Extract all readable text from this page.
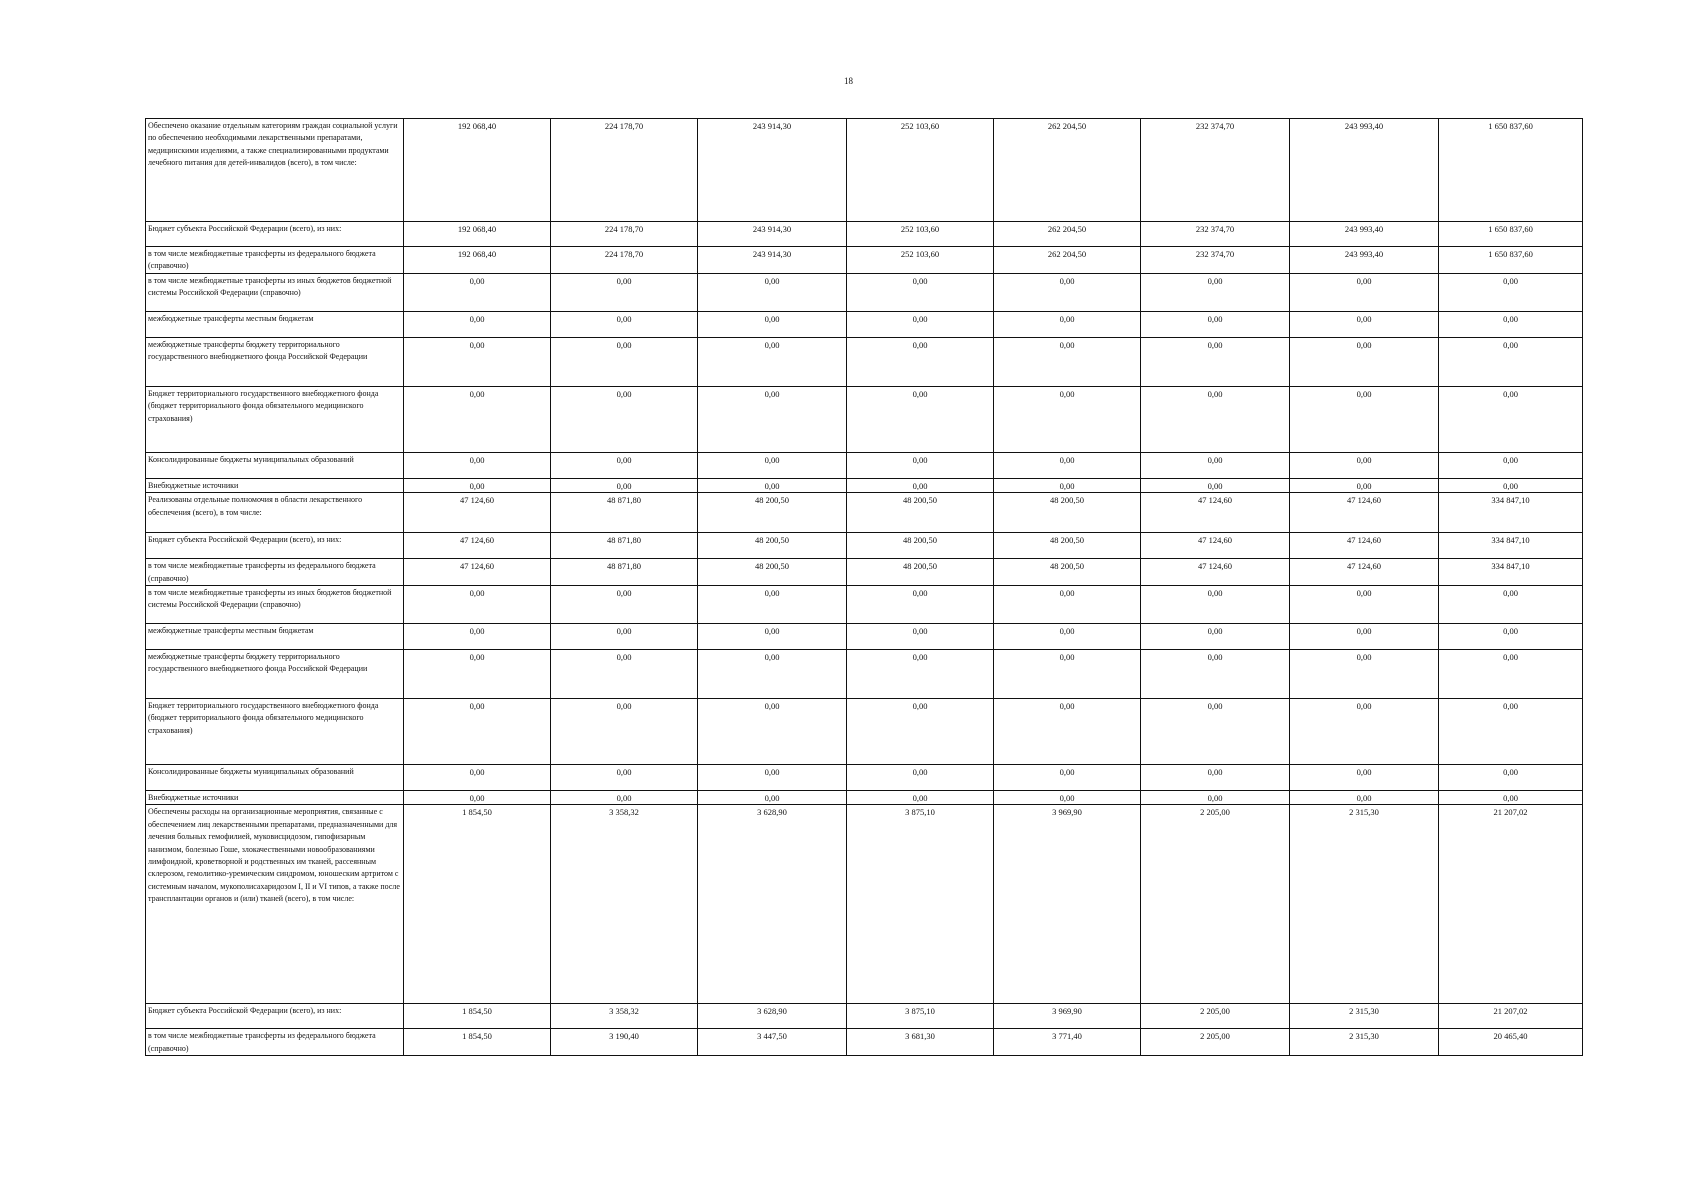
18
Обеспечено оказание отдельным категориям граждан социальной услуги по обеспечению необходимыми лекарственными препаратами, медицинскими изделиями, а также специализированными продуктами лечебного питания для детей-инвалидов (всего), в том числе:	192 068,40	224 178,70	243 914,30	252 103,60	262 204,50	232 374,70	243 993,40	1 650 837,60
Бюджет субъекта Российской Федерации (всего), из них:	192 068,40	224 178,70	243 914,30	252 103,60	262 204,50	232 374,70	243 993,40	1 650 837,60
в том числе межбюджетные трансферты из федерального бюджета (справочно)	192 068,40	224 178,70	243 914,30	252 103,60	262 204,50	232 374,70	243 993,40	1 650 837,60
в том числе межбюджетные трансферты из иных бюджетов бюджетной системы Российской Федерации (справочно)	0,00	0,00	0,00	0,00	0,00	0,00	0,00	0,00
межбюджетные трансферты местным бюджетам	0,00	0,00	0,00	0,00	0,00	0,00	0,00	0,00
межбюджетные трансферты бюджету территориального государственного внебюджетного фонда Российской Федерации	0,00	0,00	0,00	0,00	0,00	0,00	0,00	0,00
Бюджет территориального государственного внебюджетного фонда (бюджет территориального фонда обязательного медицинского страхования)	0,00	0,00	0,00	0,00	0,00	0,00	0,00	0,00
Консолидированные бюджеты муниципальных образований	0,00	0,00	0,00	0,00	0,00	0,00	0,00	0,00
Внебюджетные источники	0,00	0,00	0,00	0,00	0,00	0,00	0,00	0,00
Реализованы отдельные полномочия в области лекарственного обеспечения (всего), в том числе:	47 124,60	48 871,80	48 200,50	48 200,50	48 200,50	47 124,60	47 124,60	334 847,10
Бюджет субъекта Российской Федерации (всего), из них:	47 124,60	48 871,80	48 200,50	48 200,50	48 200,50	47 124,60	47 124,60	334 847,10
в том числе межбюджетные трансферты из федерального бюджета (справочно)	47 124,60	48 871,80	48 200,50	48 200,50	48 200,50	47 124,60	47 124,60	334 847,10
в том числе межбюджетные трансферты из иных бюджетов бюджетной системы Российской Федерации (справочно)	0,00	0,00	0,00	0,00	0,00	0,00	0,00	0,00
межбюджетные трансферты местным бюджетам	0,00	0,00	0,00	0,00	0,00	0,00	0,00	0,00
межбюджетные трансферты бюджету территориального государственного внебюджетного фонда Российской Федерации	0,00	0,00	0,00	0,00	0,00	0,00	0,00	0,00
Бюджет территориального государственного внебюджетного фонда (бюджет территориального фонда обязательного медицинского страхования)	0,00	0,00	0,00	0,00	0,00	0,00	0,00	0,00
Консолидированные бюджеты муниципальных образований	0,00	0,00	0,00	0,00	0,00	0,00	0,00	0,00
Внебюджетные источники	0,00	0,00	0,00	0,00	0,00	0,00	0,00	0,00
Обеспечены расходы на организационные мероприятия, связанные с обеспечением лиц лекарственными препаратами, предназначенными для лечения больных гемофилией, муковисцидозом, гипофизарным нанизмом, болезнью Гоше, злокачественными новообразованиями лимфоидной, кроветворной и родственных им тканей, рассеянным склерозом, гемолитико-уремическим синдромом, юношеским артритом с системным началом, мукополисахаридозом I, II и VI типов, а также после трансплантации органов и (или) тканей (всего), в том числе:	1 854,50	3 358,32	3 628,90	3 875,10	3 969,90	2 205,00	2 315,30	21 207,02
Бюджет субъекта Российской Федерации (всего), из них:	1 854,50	3 358,32	3 628,90	3 875,10	3 969,90	2 205,00	2 315,30	21 207,02
в том числе межбюджетные трансферты из федерального бюджета (справочно)	1 854,50	3 190,40	3 447,50	3 681,30	3 771,40	2 205,00	2 315,30	20 465,40
